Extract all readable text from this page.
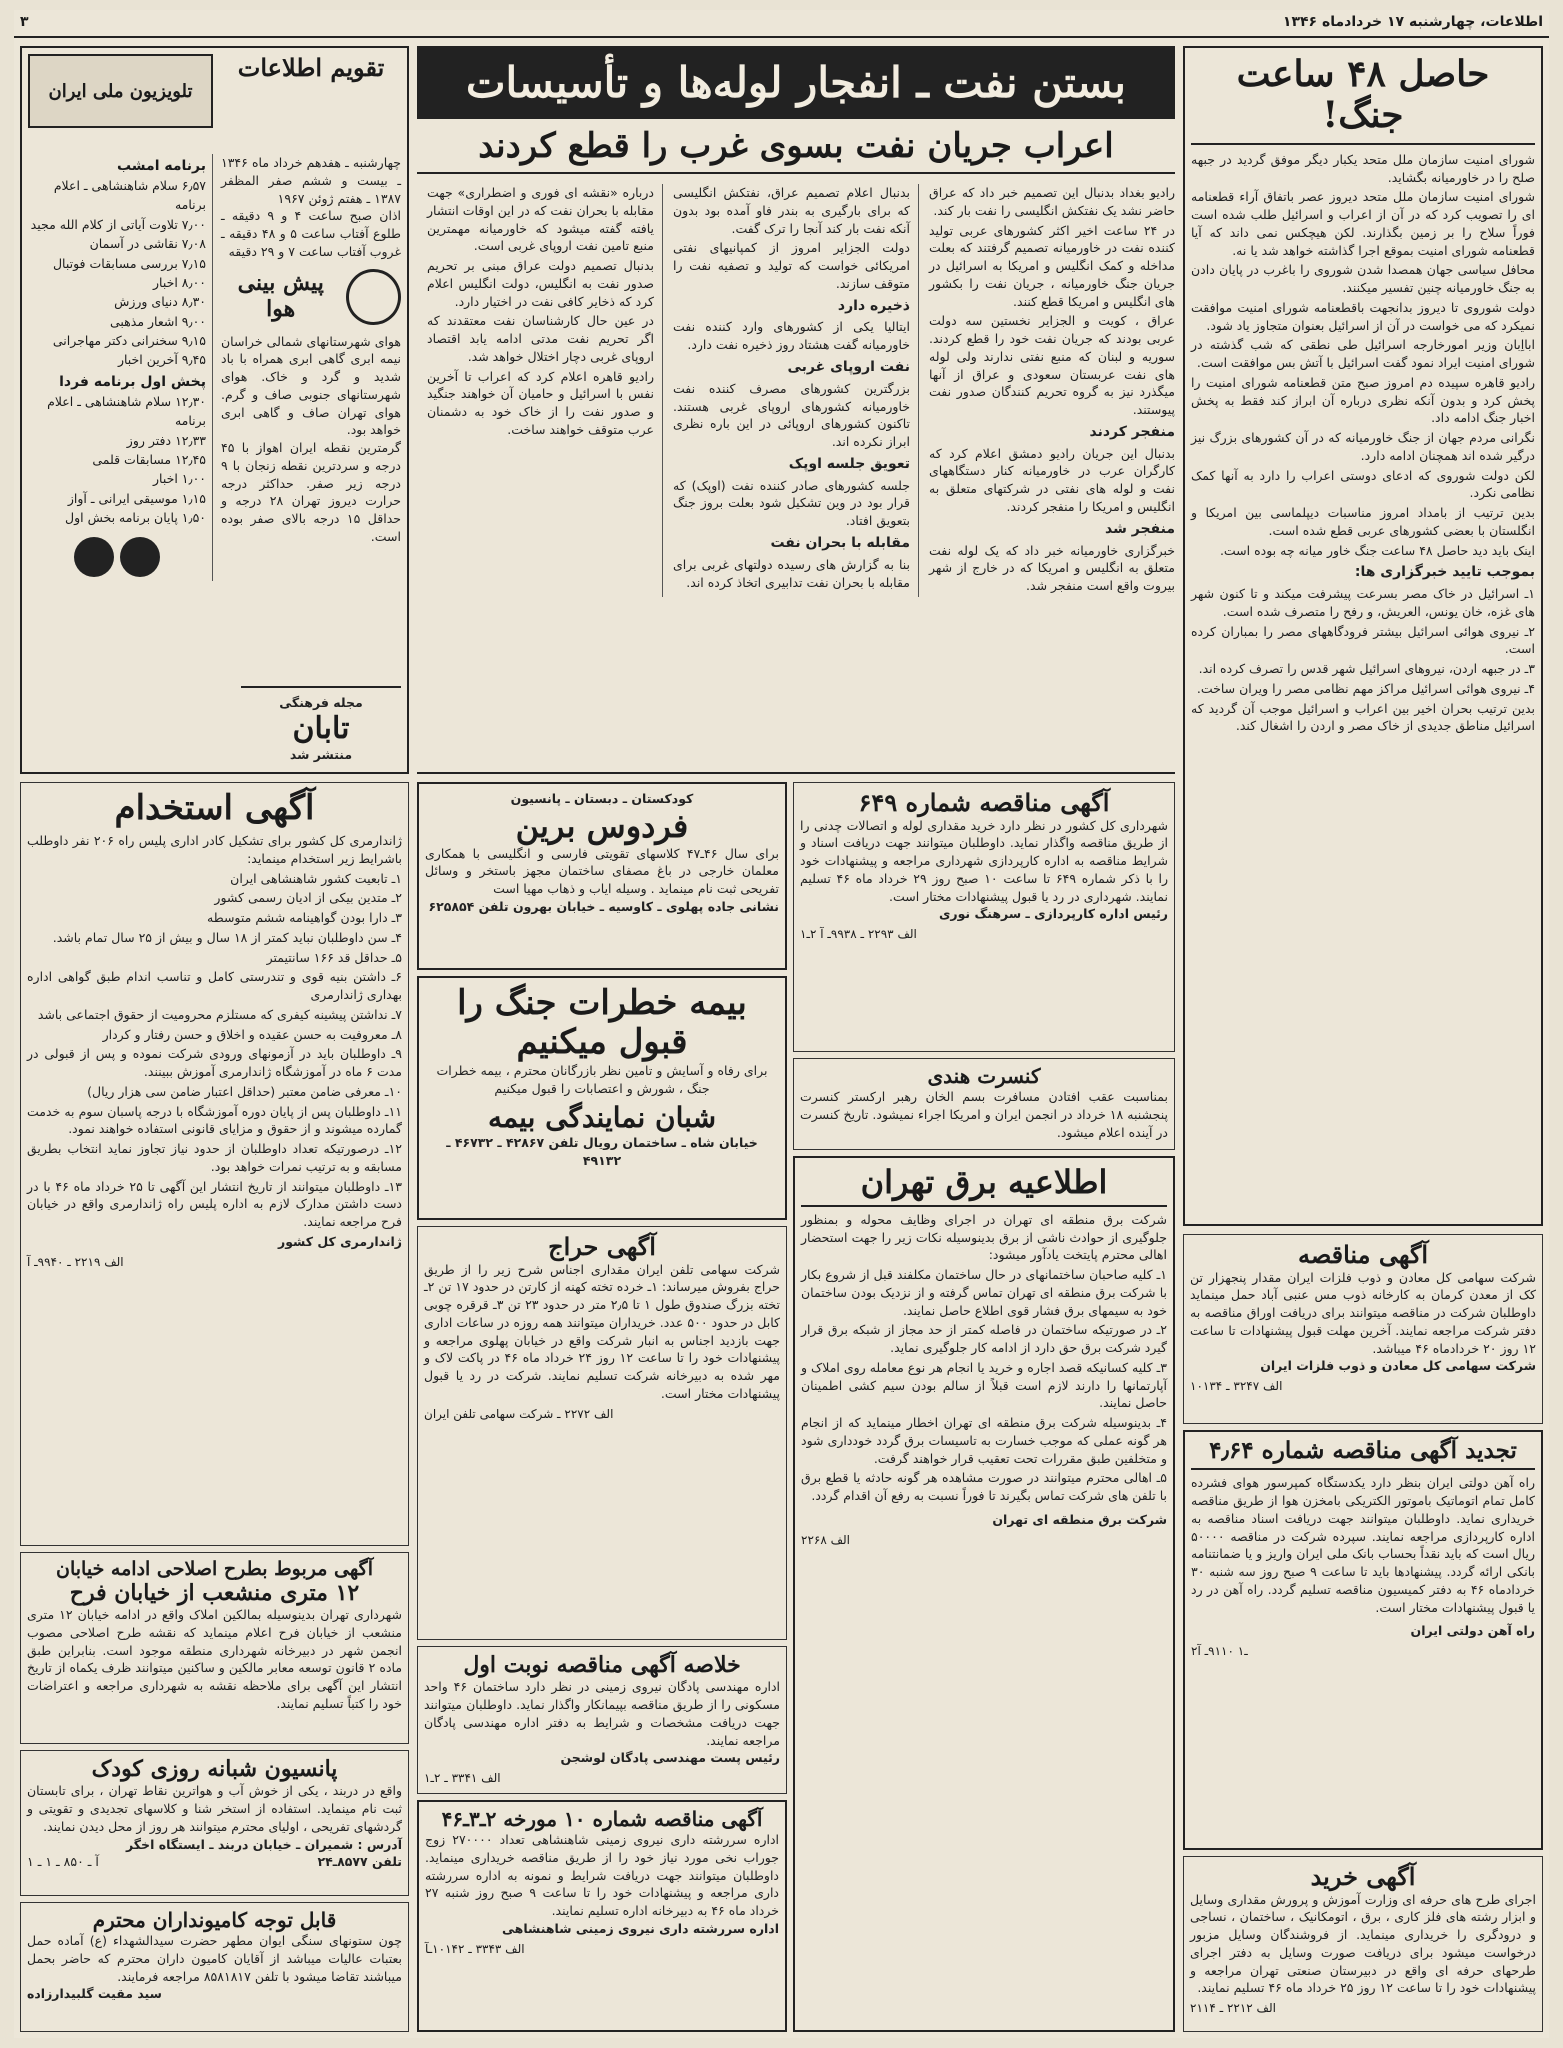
اطلاعات، چهارشنبه ۱۷ خردادماه ۱۳۴۶
۳
حاصل ۴۸ ساعت جنگ!

شورای امنیت سازمان ملل متحد یکبار دیگر موفق گردید در جبهه صلح را در خاورمیانه بگشاید.

شورای امنیت سازمان ملل متحد دیروز عصر باتفاق آراء قطعنامه ای را تصویب کرد که در آن از اعراب و اسرائیل طلب شده است فوراً سلاح را بر زمین بگذارند. لکن هیچکس نمی داند که آیا قطعنامه شورای امنیت بموقع اجرا گذاشته خواهد شد یا نه.

محافل سیاسی جهان همصدا شدن شوروی را باغرب در پایان دادن به جنگ خاورمیانه چنین تفسیر میکنند.

دولت شوروی تا دیروز بدانجهت باقطعنامه شورای امنیت موافقت نمیکرد که می خواست در آن از اسرائیل بعنوان متجاوز یاد شود.

ابااِبان وزیر امورخارجه اسرائیل طی نطقی که شب گذشته در شورای امنیت ایراد نمود گفت اسرائیل با آتش بس موافقت است.

رادیو قاهره سپیده دم امروز صبح متن قطعنامه شورای امنیت را پخش کرد و بدون آنکه نظری درباره آن ابراز کند فقط به پخش اخبار جنگ ادامه داد.

نگرانی مردم جهان از جنگ خاورمیانه که در آن کشورهای بزرگ نیز درگیر شده اند همچنان ادامه دارد.

لکن دولت شوروی که ادعای دوستی اعراب را دارد به آنها کمک نظامی نکرد.

بدین ترتیب از بامداد امروز مناسبات دیپلماسی بین امریکا و انگلستان با بعضی کشورهای عربی قطع شده است.

اینک باید دید حاصل ۴۸ ساعت جنگ خاور میانه چه بوده است.

بموجب تایید خبرگزاری ها:

۱ـ اسرائیل در خاک مصر بسرعت پیشرفت میکند و تا کنون شهر های غزه، خان یونس، العریش، و رفح را متصرف شده است.

۲ـ نیروی هوائی اسرائیل بیشتر فرودگاههای مصر را بمباران کرده است.

۳ـ در جبهه اردن، نیروهای اسرائیل شهر قدس را تصرف کرده اند.

۴ـ نیروی هوائی اسرائیل مراکز مهم نظامی مصر را ویران ساخت.

بدین ترتیب بحران اخیر بین اعراب و اسرائیل موجب آن گردید که اسرائیل مناطق جدیدی از خاک مصر و اردن را اشغال کند.

آگهی مناقصه
شرکت سهامی کل معادن و ذوب فلزات ایران مقدار پنجهزار تن کک از معدن کرمان به کارخانه ذوب مس عنبی آباد حمل مینماید داوطلبان شرکت در مناقصه میتوانند برای دریافت اوراق مناقصه به دفتر شرکت مراجعه نمایند. آخرین مهلت قبول پیشنهادات تا ساعت ۱۲ روز ۲۰ خردادماه ۴۶ میباشد.
شرکت سهامی کل معادن و ذوب فلزات ایران
الف ۳۲۴۷ ـ ۱۰۱۳۴
تجدید آگهی مناقصه شماره ۴٫۶۴
راه آهن دولتی ایران بنظر دارد یکدستگاه کمپرسور هوای فشرده کامل تمام اتوماتیک باموتور الکتریکی بامخزن هوا از طریق مناقصه خریداری نماید. داوطلبان میتوانند جهت دریافت اسناد مناقصه به اداره کارپردازی مراجعه نمایند. سپرده شرکت در مناقصه ۵۰۰۰۰ ریال است که باید نقداً بحساب بانک ملی ایران واریز و یا ضمانتنامه بانکی ارائه گردد. پیشنهادها باید تا ساعت ۹ صبح روز سه شنبه ۳۰ خردادماه ۴۶ به دفتر کمیسیون مناقصه تسلیم گردد. راه آهن در رد یا قبول پیشنهادات مختار است.
راه آهن دولتی ایران
۲ـ۱ ۹۱۱۰ـ آ
آگهی خرید
اجرای طرح های حرفه ای وزارت آموزش و پرورش مقداری وسایل و ابزار رشته های فلز کاری ، برق ، اتومکانیک ، ساختمان ، نساجی و درودگری را خریداری مینماید. از فروشندگان وسایل مزبور درخواست میشود برای دریافت صورت وسایل به دفتر اجرای طرحهای حرفه ای واقع در دبیرستان صنعتی تهران مراجعه و پیشنهادات خود را تا ساعت ۱۲ روز ۲۵ خرداد ماه ۴۶ تسلیم نمایند.
الف ۲۲۱۲ ـ ۲۱۱۴
بستن نفت ـ انفجار لوله‌ها و تأسیسات
اعراب جریان نفت بسوی غرب را قطع کردند

رادیو بغداد بدنبال این تصمیم خبر داد که عراق حاضر نشد یک نفتکش انگلیسی را نفت بار کند.

در ۲۴ ساعت اخیر اکثر کشورهای عربی تولید کننده نفت در خاورمیانه تصمیم گرفتند که بعلت مداخله و کمک انگلیس و امریکا به اسرائیل در جریان جنگ خاورمیانه ، جریان نفت را بکشور های انگلیس و امریکا قطع کنند.

عراق ، کویت و الجزایر نخستین سه دولت عربی بودند که جریان نفت خود را قطع کردند. سوریه و لبنان که منبع نفتی ندارند ولی لوله های نفت عربستان سعودی و عراق از آنها میگذرد نیز به گروه تحریم کنندگان صدور نفت پیوستند.

منفجر کردند

بدنبال این جریان رادیو دمشق اعلام کرد که کارگران عرب در خاورمیانه کنار دستگاههای نفت و لوله های نفتی در شرکتهای متعلق به انگلیس و امریکا را منفجر کردند.

منفجر شد

خبرگزاری خاورمیانه خبر داد که یک لوله نفت متعلق به انگلیس و امریکا که در خارج از شهر بیروت واقع است منفجر شد.

بدنبال اعلام تصمیم عراق، نفتکش انگلیسی که برای بارگیری به بندر فاو آمده بود بدون آنکه نفت بار کند آنجا را ترک گفت.

دولت الجزایر امروز از کمپانیهای نفتی امریکائی خواست که تولید و تصفیه نفت را متوقف سازند.

ذخیره دارد

ایتالیا یکی از کشورهای وارد کننده نفت خاورمیانه گفت هشتاد روز ذخیره نفت دارد.

نفت اروپای غربی

بزرگترین کشورهای مصرف کننده نفت خاورمیانه کشورهای اروپای غربی هستند. تاکنون کشورهای اروپائی در این باره نظری ابراز نکرده اند.

تعویق جلسه اوپک

جلسه کشورهای صادر کننده نفت (اوپک) که قرار بود در وین تشکیل شود بعلت بروز جنگ بتعویق افتاد.

مقابله با بحران نفت

بنا به گزارش های رسیده دولتهای غربی برای مقابله با بحران نفت تدابیری اتخاذ کرده اند.

درباره «نقشه ای فوری و اضطراری» جهت مقابله با بحران نفت که در این اوقات انتشار یافته گفته میشود که خاورمیانه مهمترین منبع تامین نفت اروپای غربی است.

بدنبال تصمیم دولت عراق مبنی بر تحریم صدور نفت به انگلیس، دولت انگلیس اعلام کرد که ذخایر کافی نفت در اختیار دارد.

در عین حال کارشناسان نفت معتقدند که اگر تحریم نفت مدتی ادامه یابد اقتصاد اروپای غربی دچار اختلال خواهد شد.

رادیو قاهره اعلام کرد که اعراب تا آخرین نفس با اسرائیل و حامیان آن خواهند جنگید و صدور نفت را از خاک خود به دشمنان عرب متوقف خواهند ساخت.

آگهی مناقصه شماره ۶۴۹
شهرداری کل کشور در نظر دارد خرید مقداری لوله و اتصالات چدنی را از طریق مناقصه واگذار نماید. داوطلبان میتوانند جهت دریافت اسناد و شرایط مناقصه به اداره کارپردازی شهرداری مراجعه و پیشنهادات خود را با ذکر شماره ۶۴۹ تا ساعت ۱۰ صبح روز ۲۹ خرداد ماه ۴۶ تسلیم نمایند. شهرداری در رد یا قبول پیشنهادات مختار است.
رئیس اداره کارپردازی ـ سرهنگ نوری
الف ۲۲۹۳ ـ ۹۹۳۸ـ آ ۲ـ۱
کنسرت هندی
بمناسبت عقب افتادن مسافرت بسم الخان رهبر ارکستر کنسرت پنجشنبه ۱۸ خرداد در انجمن ایران و امریکا اجراء نمیشود. تاریخ کنسرت در آینده اعلام میشود.
اطلاعیه برق تهران

شرکت برق منطقه ای تهران در اجرای وظایف محوله و بمنظور جلوگیری از حوادث ناشی از برق بدینوسیله نکات زیر را جهت استحضار اهالی محترم پایتخت یادآور میشود:

۱ـ کلیه صاحبان ساختمانهای در حال ساختمان مکلفند قبل از شروع بکار با شرکت برق منطقه ای تهران تماس گرفته و از نزدیک بودن ساختمان خود به سیمهای برق فشار قوی اطلاع حاصل نمایند.

۲ـ در صورتیکه ساختمان در فاصله کمتر از حد مجاز از شبکه برق قرار گیرد شرکت برق حق دارد از ادامه کار جلوگیری نماید.

۳ـ کلیه کسانیکه قصد اجاره و خرید یا انجام هر نوع معامله روی املاک و آپارتمانها را دارند لازم است قبلاً از سالم بودن سیم کشی اطمینان حاصل نمایند.

۴ـ بدینوسیله شرکت برق منطقه ای تهران اخطار مینماید که از انجام هر گونه عملی که موجب خسارت به تاسیسات برق گردد خودداری شود و متخلفین طبق مقررات تحت تعقیب قرار خواهند گرفت.

۵ـ اهالی محترم میتوانند در صورت مشاهده هر گونه حادثه یا قطع برق با تلفن های شرکت تماس بگیرند تا فوراً نسبت به رفع آن اقدام گردد.

شرکت برق منطقه ای تهران
الف ۲۲۶۸
کودکستان ـ دبستان ـ پانسیون
فردوس برین
برای سال ۴۶ـ۴۷ کلاسهای تقویتی فارسی و انگلیسی با همکاری معلمان خارجی در باغ مصفای ساختمان مجهز باستخر و وسائل تفریحی ثبت نام مینماید . وسیله ایاب و ذهاب مهیا است
نشانی جاده پهلوی ـ کاوسیه ـ خیابان بهرون تلفن ۶۲۵۸۵۴
بیمه خطرات جنگ را
قبول میکنیم
برای رفاه و آسایش و تامین نظر بازرگانان محترم ، بیمه خطرات جنگ ، شورش و اعتصابات را قبول میکنیم
شبان نمایندگی بیمه
خیابان شاه ـ ساختمان رویال تلفن ۴۲۸۶۷ ـ ۴۶۷۳۲ ـ ۴۹۱۳۲
آگهی حراج
شرکت سهامی تلفن ایران مقداری اجناس شرح زیر را از طریق حراج بفروش میرساند: ۱ـ خرده تخته کهنه از کارتن در حدود ۱۷ تن ۲ـ تخته بزرگ صندوق طول ۱ تا ۲٫۵ متر در حدود ۲۳ تن ۳ـ قرقره چوبی کابل در حدود ۵۰۰ عدد. خریداران میتوانند همه روزه در ساعات اداری جهت بازدید اجناس به انبار شرکت واقع در خیابان پهلوی مراجعه و پیشنهادات خود را تا ساعت ۱۲ روز ۲۴ خرداد ماه ۴۶ در پاکت لاک و مهر شده به دبیرخانه شرکت تسلیم نمایند. شرکت در رد یا قبول پیشنهادات مختار است.
الف ۲۲۷۲ ـ شرکت سهامی تلفن ایران
خلاصه آگهی مناقصه نوبت اول
اداره مهندسی پادگان نیروی زمینی در نظر دارد ساختمان ۴۶ واحد مسکونی را از طریق مناقصه بپیمانکار واگذار نماید. داوطلبان میتوانند جهت دریافت مشخصات و شرایط به دفتر اداره مهندسی پادگان مراجعه نمایند.
رئیس پست مهندسی پادگان لوشجن
الف ۳۳۴۱ ـ ۲ـ۱
آگهی مناقصه شماره ۱۰ مورخه ۲ـ۳ـ۴۶
اداره سررشته داری نیروی زمینی شاهنشاهی تعداد ۲۷۰۰۰۰ زوج جوراب نخی مورد نیاز خود را از طریق مناقصه خریداری مینماید. داوطلبان میتوانند جهت دریافت شرایط و نمونه به اداره سررشته داری مراجعه و پیشنهادات خود را تا ساعت ۹ صبح روز شنبه ۲۷ خرداد ماه ۴۶ به دبیرخانه اداره تسلیم نمایند.
اداره سررشته داری نیروی زمینی شاهنشاهی
الف ۳۳۴۳ ـ ۱۰۱۴۲ـآ
تقویم اطلاعات
تلویزیون ملی ایران
چهارشنبه ـ هفدهم خرداد ماه ۱۳۴۶ ـ بیست و ششم صفر المظفر ۱۳۸۷ ـ هفتم ژوئن ۱۹۶۷
اذان صبح ساعت ۴ و ۹ دقیقه ـ طلوع آفتاب ساعت ۵ و ۴۸ دقیقه ـ غروب آفتاب ساعت ۷ و ۲۹ دقیقه
پیش بینی هوا
هوای شهرستانهای شمالی خراسان نیمه ابری گاهی ابری همراه با باد شدید و گرد و خاک. هوای شهرستانهای جنوبی صاف و گرم. هوای تهران صاف و گاهی ابری خواهد بود.
گرمترین نقطه ایران اهواز با ۴۵ درجه و سردترین نقطه زنجان با ۹ درجه زیر صفر. حداکثر درجه حرارت دیروز تهران ۲۸ درجه و حداقل ۱۵ درجه بالای صفر بوده است.
برنامه امشب
۶٫۵۷ سلام شاهنشاهی ـ اعلام برنامه
۷٫۰۰ تلاوت آیاتی از کلام الله مجید
۷٫۰۸ نقاشی در آسمان
۷٫۱۵ بررسی مسابقات فوتبال
۸٫۰۰ اخبار
۸٫۳۰ دنیای ورزش
۹٫۰۰ اشعار مذهبی
۹٫۱۵ سخنرانی دکتر مهاجرانی
۹٫۴۵ آخرین اخبار
پخش اول برنامه فردا
۱۲٫۳۰ سلام شاهنشاهی ـ اعلام برنامه
۱۲٫۳۳ دفتر روز
۱۲٫۴۵ مسابقات قلمی
۱٫۰۰ اخبار
۱٫۱۵ موسیقی ایرانی ـ آواز
۱٫۵۰ پایان برنامه بخش اول

مجله فرهنگی
تابان
منتشر شد
آگهی استخدام

ژاندارمری کل کشور برای تشکیل کادر اداری پلیس راه ۲۰۶ نفر داوطلب باشرایط زیر استخدام مینماید:

۱ـ تابعیت کشور شاهنشاهی ایران

۲ـ متدین بیکی از ادیان رسمی کشور

۳ـ دارا بودن گواهینامه ششم متوسطه

۴ـ سن داوطلبان نباید کمتر از ۱۸ سال و بیش از ۲۵ سال تمام باشد.

۵ـ حداقل قد ۱۶۶ سانتیمتر

۶ـ داشتن بنیه قوی و تندرستی کامل و تناسب اندام طبق گواهی اداره بهداری ژاندارمری

۷ـ نداشتن پیشینه کیفری که مستلزم محرومیت از حقوق اجتماعی باشد

۸ـ معروفیت به حسن عقیده و اخلاق و حسن رفتار و کردار

۹ـ داوطلبان باید در آزمونهای ورودی شرکت نموده و پس از قبولی در مدت ۶ ماه در آموزشگاه ژاندارمری آموزش ببینند.

۱۰ـ معرفی ضامن معتبر (حداقل اعتبار ضامن سی هزار ریال)

۱۱ـ داوطلبان پس از پایان دوره آموزشگاه با درجه پاسبان سوم به خدمت گمارده میشوند و از حقوق و مزایای قانونی استفاده خواهند نمود.

۱۲ـ درصورتیکه تعداد داوطلبان از حدود نیاز تجاوز نماید انتخاب بطریق مسابقه و به ترتیب نمرات خواهد بود.

۱۳ـ داوطلبان میتوانند از تاریخ انتشار این آگهی تا ۲۵ خرداد ماه ۴۶ با در دست داشتن مدارک لازم به اداره پلیس راه ژاندارمری واقع در خیابان فرح مراجعه نمایند.

ژاندارمری کل کشور
الف ۲۲۱۹ ـ ۹۹۴۰ـ آ
آگهی مربوط بطرح اصلاحی ادامه خیابان
۱۲ متری منشعب از خیابان فرح
شهرداری تهران بدینوسیله بمالکین املاک واقع در ادامه خیابان ۱۲ متری منشعب از خیابان فرح اعلام مینماید که نقشه طرح اصلاحی مصوب انجمن شهر در دبیرخانه شهرداری منطقه موجود است. بنابراین طبق ماده ۲ قانون توسعه معابر مالکین و ساکنین میتوانند ظرف یکماه از تاریخ انتشار این آگهی برای ملاحظه نقشه به شهرداری مراجعه و اعتراضات خود را کتباً تسلیم نمایند.
پانسیون شبانه روزی کودک
واقع در دربند ، یکی از خوش آب و هواترین نقاط تهران ، برای تابستان ثبت نام مینماید. استفاده از استخر شنا و کلاسهای تجدیدی و تقویتی و گردشهای تفریحی ، اولیای محترم میتوانند هر روز از محل دیدن نمایند.
آدرس : شمیران ـ خیابان دربند ـ ایستگاه اخگر
تلفن ۸۵۷۷ـ۲۴
آ ـ ۸۵۰ ـ ۱ ـ ۱
قابل توجه کامیونداران محترم
چون ستونهای سنگی ایوان مطهر حضرت سیدالشهداء (ع) آماده حمل بعتبات عالیات میباشد از آقایان کامیون داران محترم که حاضر بحمل میباشند تقاضا میشود با تلفن ۸۵۸۱۸۱۷ مراجعه فرمایند.
سید مقیت گلبیدارزاده
